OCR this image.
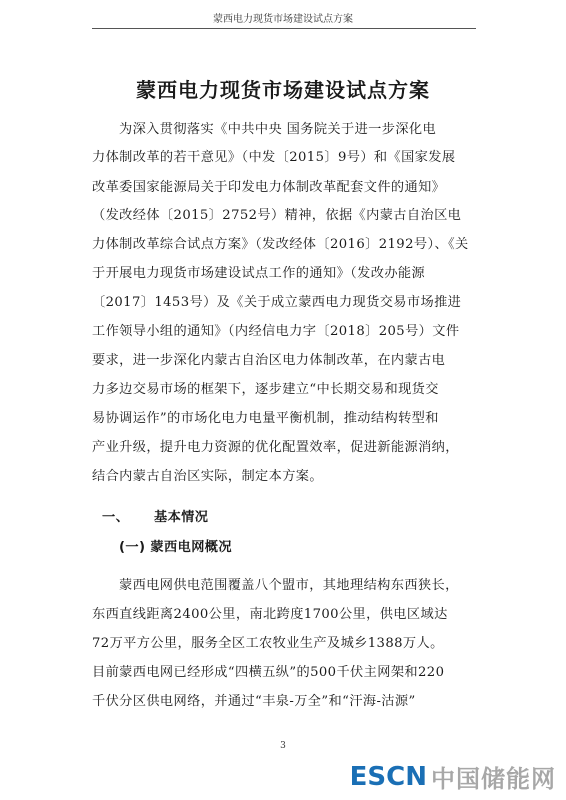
蒙西电力现货市场建设试点方案
蒙西电力现货市场建设试点方案
为深入贯彻落实《中共中央 国务院关于进一步深化电
力体制改革的若干意见》（中发〔2015〕9号）和《国家发展
改革委国家能源局关于印发电力体制改革配套文件的通知》
（发改经体〔2015〕2752号）精神，依据《内蒙古自治区电
力体制改革综合试点方案》（发改经体〔2016〕2192号）、《关
于开展电力现货市场建设试点工作的通知》（发改办能源
〔2017〕1453号）及《关于成立蒙西电力现货交易市场推进
工作领导小组的通知》（内经信电力字〔2018〕205号）文件
要求，进一步深化内蒙古自治区电力体制改革，在内蒙古电
力多边交易市场的框架下，逐步建立“中长期交易和现货交
易协调运作”的市场化电力电量平衡机制，推动结构转型和
产业升级，提升电力资源的优化配置效率，促进新能源消纳，
结合内蒙古自治区实际，制定本方案。
一、 基本情况
(一) 蒙西电网概况
蒙西电网供电范围覆盖八个盟市，其地理结构东西狭长，
东西直线距离2400公里，南北跨度1700公里，供电区域达
72万平方公里，服务全区工农牧业生产及城乡1388万人。
目前蒙西电网已经形成“四横五纵”的500千伏主网架和220
千伏分区供电网络，并通过“丰泉-万全”和“汗海-沽源”
3
ESCN 中国储能网
